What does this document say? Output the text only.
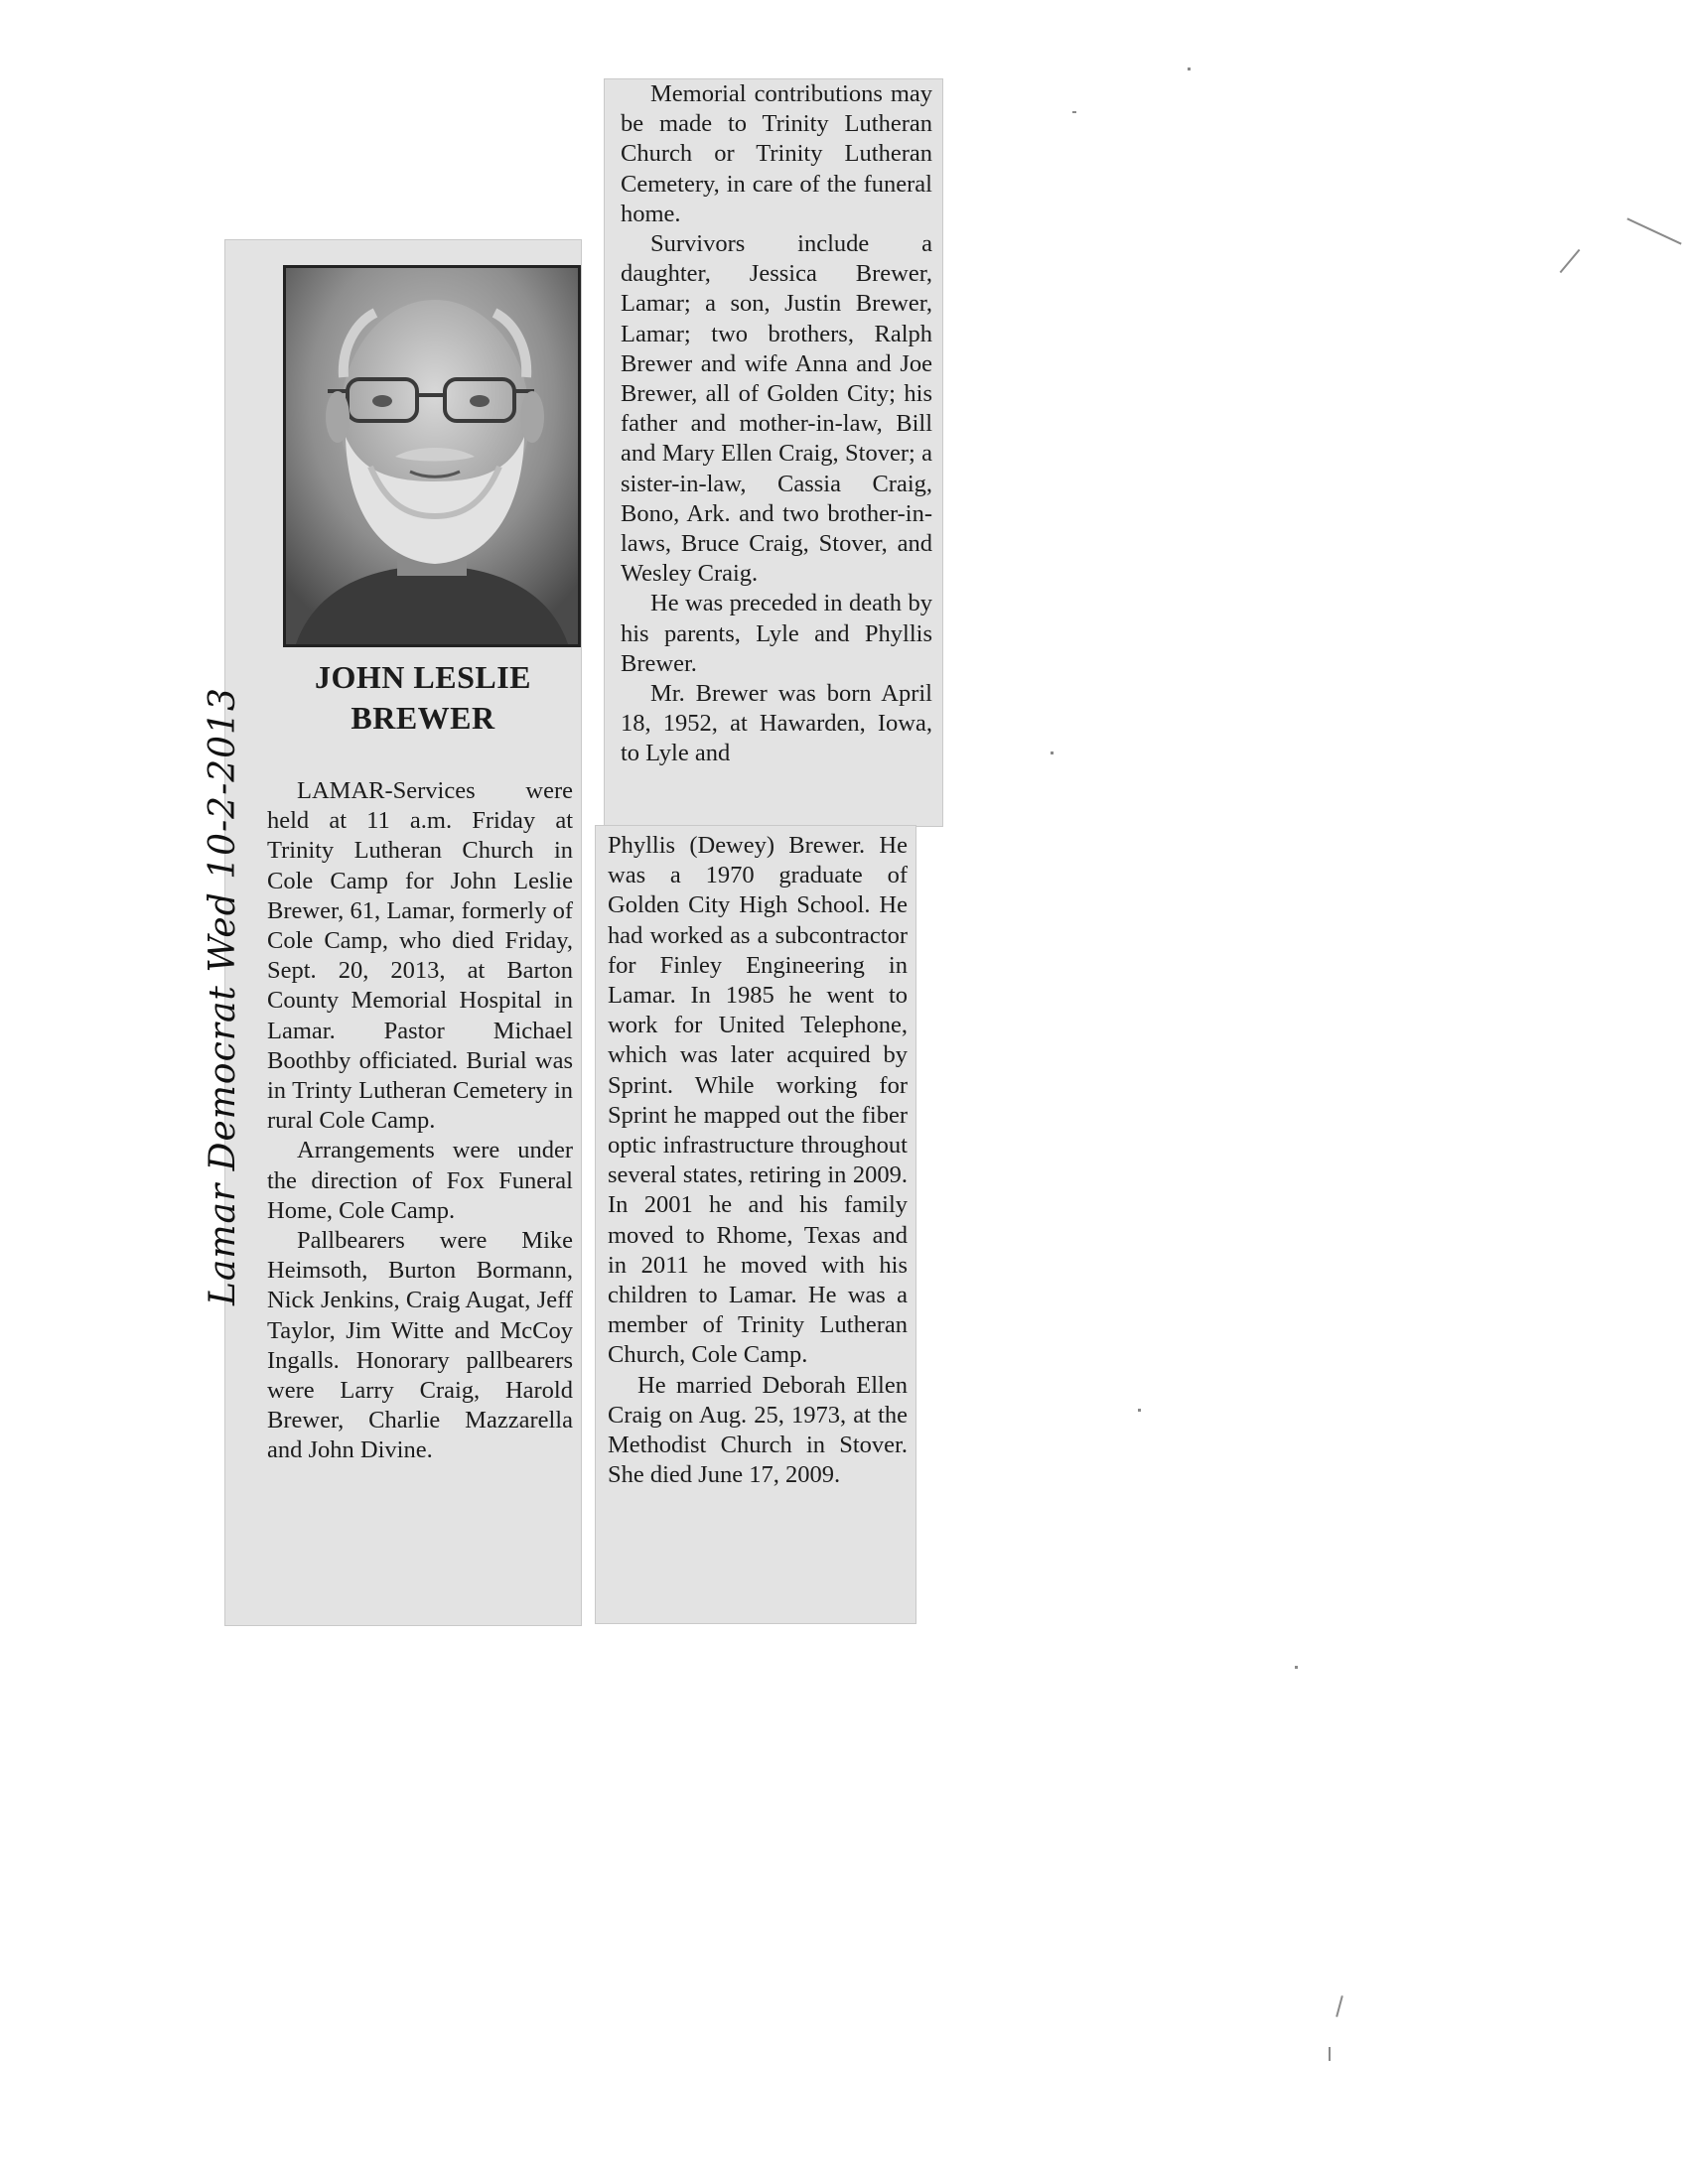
JOHN LESLIE BREWER

LAMAR-Services were held at 11 a.m. Friday at Trinity Lutheran Church in Cole Camp for John Leslie Brewer, 61, Lamar, formerly of Cole Camp, who died Friday, Sept. 20, 2013, at Barton County Memorial Hospital in Lamar. Pastor Michael Boothby officiated. Burial was in Trinty Lutheran Cemetery in rural Cole Camp.

Arrangements were under the direction of Fox Funeral Home, Cole Camp.

Pallbearers were Mike Heimsoth, Burton Bormann, Nick Jenkins, Craig Augat, Jeff Taylor, Jim Witte and McCoy Ingalls. Honorary pallbearers were Larry Craig, Harold Brewer, Charlie Mazzarella and John Divine.

Memorial contributions may be made to Trinity Lutheran Church or Trinity Lutheran Cemetery, in care of the funeral home.

Survivors include a daughter, Jessica Brewer, Lamar; a son, Justin Brewer, Lamar; two brothers, Ralph Brewer and wife Anna and Joe Brewer, all of Golden City; his father and mother-in-law, Bill and Mary Ellen Craig, Stover; a sister-in-law, Cassia Craig, Bono, Ark. and two brother-in-laws, Bruce Craig, Stover, and Wesley Craig.

He was preceded in death by his parents, Lyle and Phyllis Brewer.

Mr. Brewer was born April 18, 1952, at Hawarden, Iowa, to Lyle and

Phyllis (Dewey) Brewer. He was a 1970 graduate of Golden City High School. He had worked as a subcontractor for Finley Engineering in Lamar. In 1985 he went to work for United Telephone, which was later acquired by Sprint. While working for Sprint he mapped out the fiber optic infrastructure throughout several states, retiring in 2009. In 2001 he and his family moved to Rhome, Texas and in 2011 he moved with his children to Lamar. He was a member of Trinity Lutheran Church, Cole Camp.

He married Deborah Ellen Craig on Aug. 25, 1973, at the Methodist Church in Stover. She died June 17, 2009.

Lamar Democrat Wed 10-2-2013
